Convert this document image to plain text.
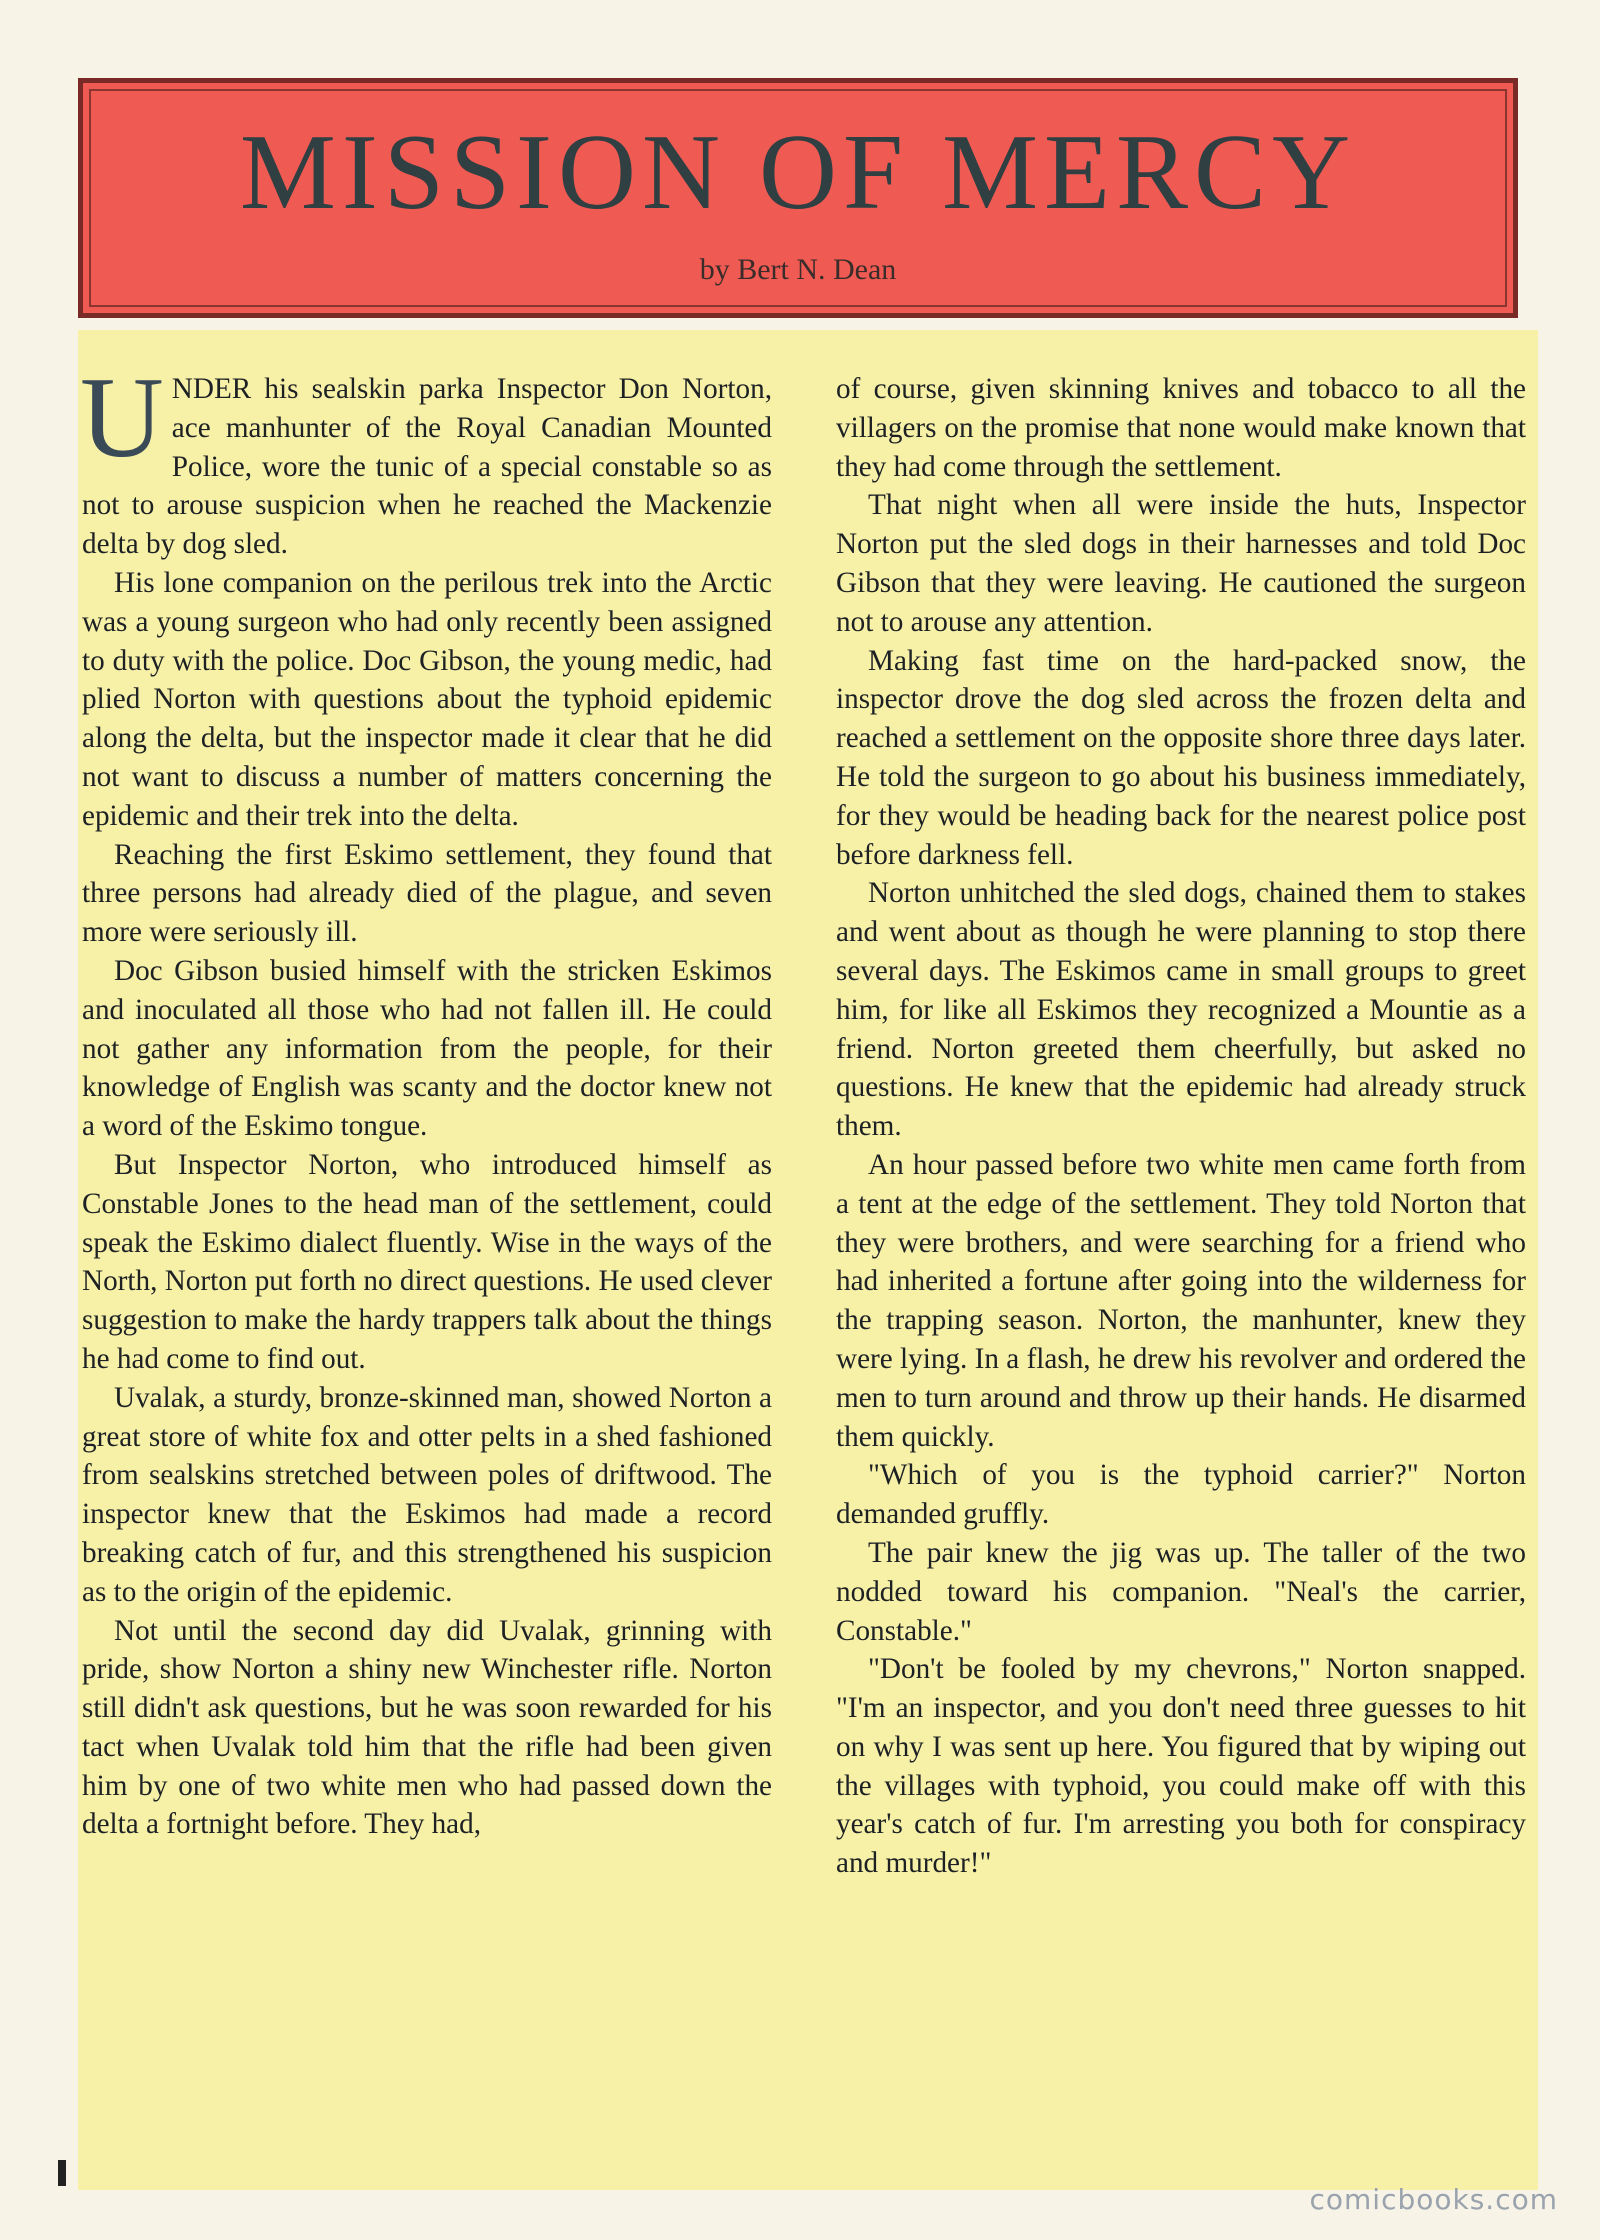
MISSION OF MERCY
by Bert N. Dean

UNDER his sealskin parka Inspector Don Norton, ace manhunter of the Royal Canadian Mounted Police, wore the tunic of a special constable so as not to arouse suspicion when he reached the Mackenzie delta by dog sled.

His lone companion on the perilous trek into the Arctic was a young surgeon who had only recently been assigned to duty with the police. Doc Gibson, the young medic, had plied Norton with questions about the typhoid epidemic along the delta, but the inspector made it clear that he did not want to discuss a number of matters concerning the epidemic and their trek into the delta.

Reaching the first Eskimo settlement, they found that three persons had already died of the plague, and seven more were seriously ill.

Doc Gibson busied himself with the stricken Eskimos and inoculated all those who had not fallen ill. He could not gather any information from the people, for their knowledge of English was scanty and the doctor knew not a word of the Eskimo tongue.

But Inspector Norton, who introduced himself as Constable Jones to the head man of the settlement, could speak the Eskimo dialect fluently. Wise in the ways of the North, Norton put forth no direct questions. He used clever suggestion to make the hardy trappers talk about the things he had come to find out.

Uvalak, a sturdy, bronze-skinned man, showed Norton a great store of white fox and otter pelts in a shed fashioned from sealskins stretched between poles of driftwood. The inspector knew that the Eskimos had made a record breaking catch of fur, and this strengthened his suspicion as to the origin of the epidemic.

Not until the second day did Uvalak, grinning with pride, show Norton a shiny new Winchester rifle. Norton still didn't ask questions, but he was soon rewarded for his tact when Uvalak told him that the rifle had been given him by one of two white men who had passed down the delta a fortnight before. They had,

of course, given skinning knives and tobacco to all the villagers on the promise that none would make known that they had come through the settlement.

That night when all were inside the huts, Inspector Norton put the sled dogs in their harnesses and told Doc Gibson that they were leaving. He cautioned the surgeon not to arouse any attention.

Making fast time on the hard-packed snow, the inspector drove the dog sled across the frozen delta and reached a settlement on the opposite shore three days later. He told the surgeon to go about his business immediately, for they would be heading back for the nearest police post before darkness fell.

Norton unhitched the sled dogs, chained them to stakes and went about as though he were planning to stop there several days. The Eskimos came in small groups to greet him, for like all Eskimos they recognized a Mountie as a friend. Norton greeted them cheerfully, but asked no questions. He knew that the epidemic had already struck them.

An hour passed before two white men came forth from a tent at the edge of the settlement. They told Norton that they were brothers, and were searching for a friend who had inherited a fortune after going into the wilderness for the trapping season. Norton, the manhunter, knew they were lying. In a flash, he drew his revolver and ordered the men to turn around and throw up their hands. He disarmed them quickly.

"Which of you is the typhoid carrier?" Norton demanded gruffly.

The pair knew the jig was up. The taller of the two nodded toward his companion. "Neal's the carrier, Constable."

"Don't be fooled by my chevrons," Norton snapped. "I'm an inspector, and you don't need three guesses to hit on why I was sent up here. You figured that by wiping out the villages with typhoid, you could make off with this year's catch of fur. I'm arresting you both for conspiracy and murder!"

comicbooks.com
